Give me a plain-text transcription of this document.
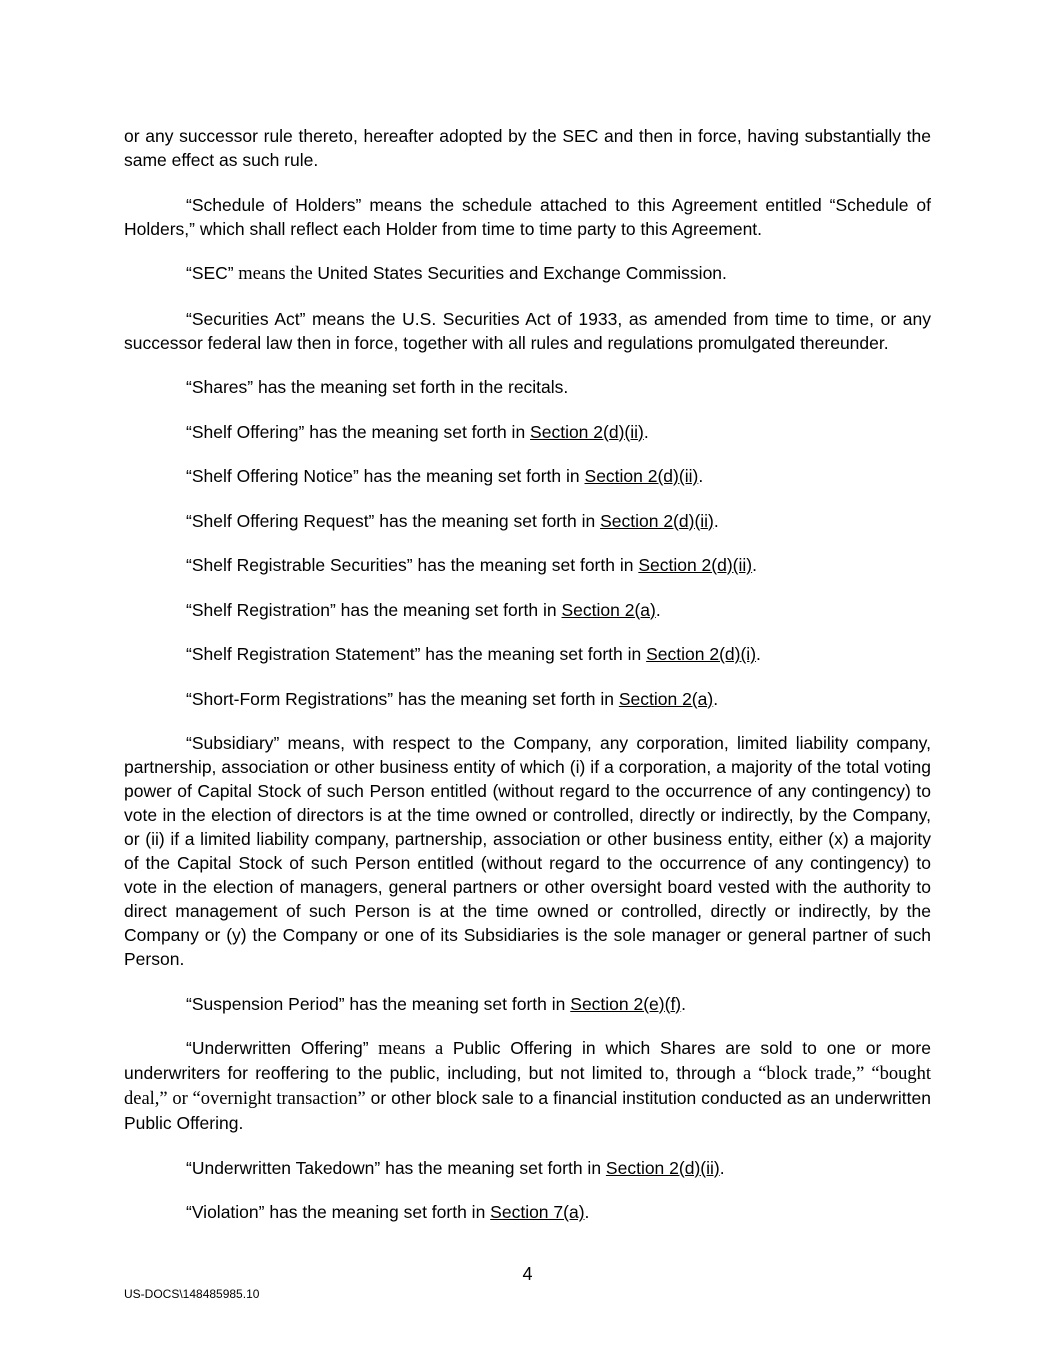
or any successor rule thereto, hereafter adopted by the SEC and then in force, having substantially the same effect as such rule.

“Schedule of Holders” means the schedule attached to this Agreement entitled “Schedule of Holders,” which shall reflect each Holder from time to time party to this Agreement.

“SEC” means the United States Securities and Exchange Commission.

“Securities Act” means the U.S. Securities Act of 1933, as amended from time to time, or any successor federal law then in force, together with all rules and regulations promulgated thereunder.

“Shares” has the meaning set forth in the recitals.

“Shelf Offering” has the meaning set forth in Section 2(d)(ii).

“Shelf Offering Notice” has the meaning set forth in Section 2(d)(ii).

“Shelf Offering Request” has the meaning set forth in Section 2(d)(ii).

“Shelf Registrable Securities” has the meaning set forth in Section 2(d)(ii).

“Shelf Registration” has the meaning set forth in Section 2(a).

“Shelf Registration Statement” has the meaning set forth in Section 2(d)(i).

“Short-Form Registrations” has the meaning set forth in Section 2(a).

“Subsidiary” means, with respect to the Company, any corporation, limited liability company, partnership, association or other business entity of which (i) if a corporation, a majority of the total voting power of Capital Stock of such Person entitled (without regard to the occurrence of any contingency) to vote in the election of directors is at the time owned or controlled, directly or indirectly, by the Company, or (ii) if a limited liability company, partnership, association or other business entity, either (x) a majority of the Capital Stock of such Person entitled (without regard to the occurrence of any contingency) to vote in the election of managers, general partners or other oversight board vested with the authority to direct management of such Person is at the time owned or controlled, directly or indirectly, by the Company or (y) the Company or one of its Subsidiaries is the sole manager or general partner of such Person.

“Suspension Period” has the meaning set forth in Section 2(e)(f).

“Underwritten Offering” means a Public Offering in which Shares are sold to one or more underwriters for reoffering to the public, including, but not limited to, through a “block trade,” “bought deal,” or “overnight transaction” or other block sale to a financial institution conducted as an underwritten Public Offering.

“Underwritten Takedown” has the meaning set forth in Section 2(d)(ii).

“Violation” has the meaning set forth in Section 7(a).

4
US-DOCS\148485985.10
